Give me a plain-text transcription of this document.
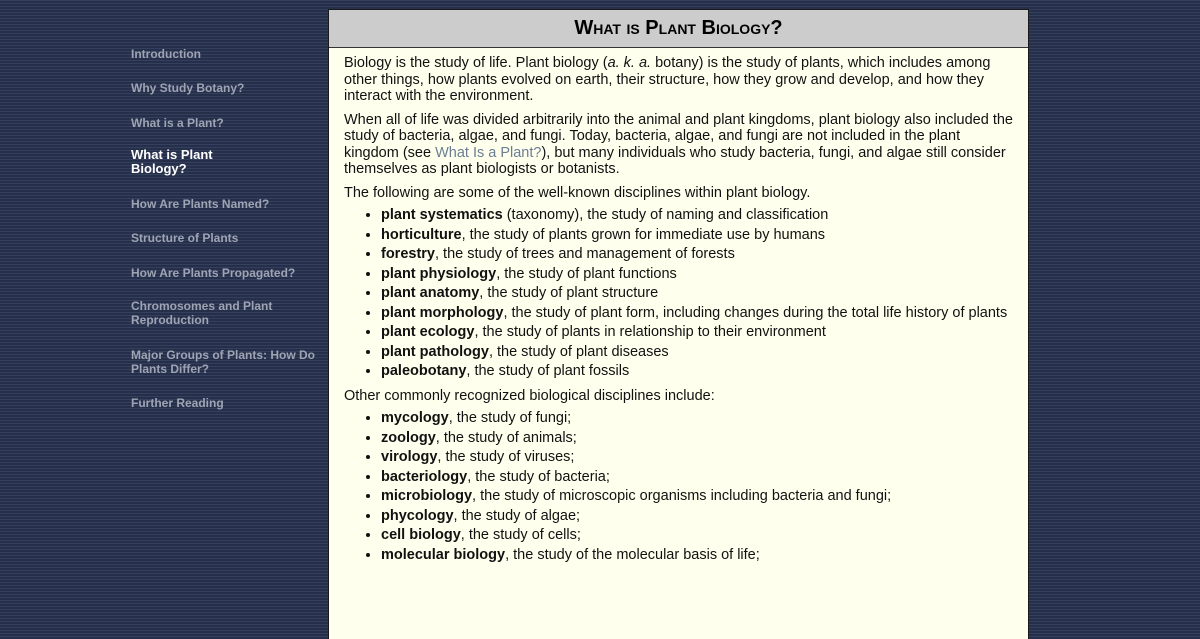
Introduction
Why Study Botany?
What is a Plant?
What is Plant Biology?
How Are Plants Named?
Structure of Plants
How Are Plants Propagated?
Chromosomes and Plant Reproduction
Major Groups of Plants: How Do Plants Differ?
Further Reading
What is Plant Biology?

Biology is the study of life. Plant biology (a. k. a. botany) is the study of plants, which includes among other things, how plants evolved on earth, their structure, how they grow and develop, and how they interact with the environment.

When all of life was divided arbitrarily into the animal and plant kingdoms, plant biology also included the study of bacteria, algae, and fungi. Today, bacteria, algae, and fungi are not included in the plant kingdom (see What Is a Plant?), but many individuals who study bacteria, fungi, and algae still consider themselves as plant biologists or botanists.

The following are some of the well-known disciplines within plant biology.

• plant systematics (taxonomy), the study of naming and classification
• horticulture, the study of plants grown for immediate use by humans
• forestry, the study of trees and management of forests
• plant physiology, the study of plant functions
• plant anatomy, the study of plant structure
• plant morphology, the study of plant form, including changes during the total life history of plants
• plant ecology, the study of plants in relationship to their environment
• plant pathology, the study of plant diseases
• paleobotany, the study of plant fossils

Other commonly recognized biological disciplines include:

• mycology, the study of fungi;
• zoology, the study of animals;
• virology, the study of viruses;
• bacteriology, the study of bacteria;
• microbiology, the study of microscopic organisms including bacteria and fungi;
• phycology, the study of algae;
• cell biology, the study of cells;
• molecular biology, the study of the molecular basis of life;
